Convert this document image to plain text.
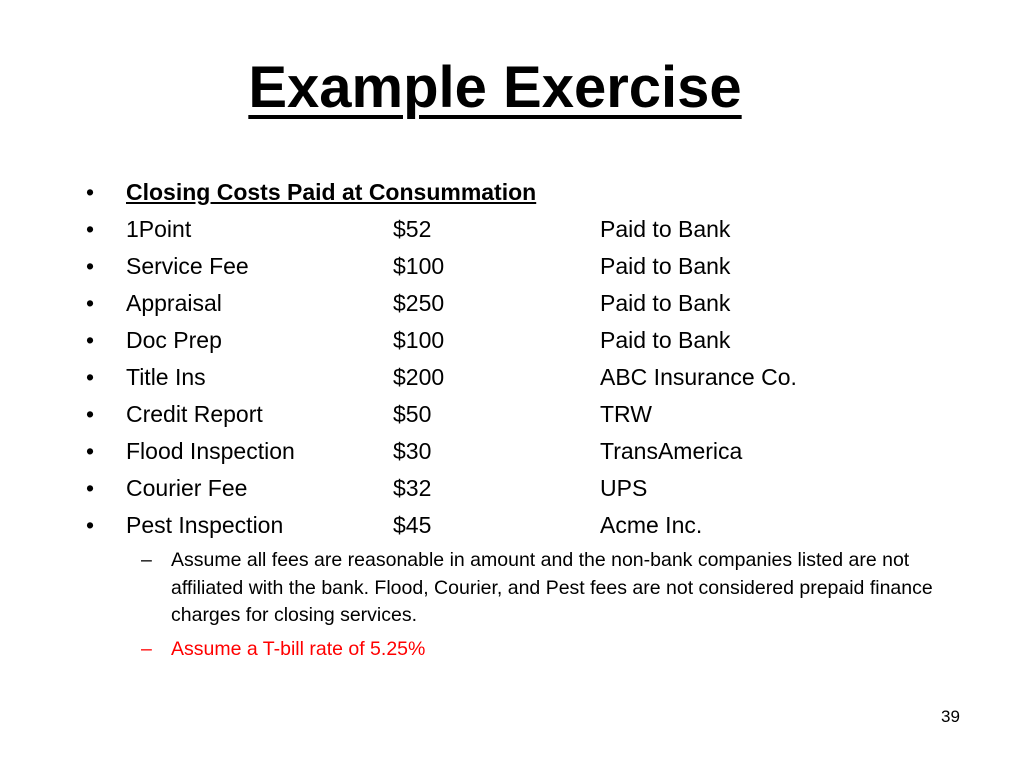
Example Exercise
• Closing Costs Paid at Consummation
• 1Point	$52	Paid to Bank
• Service Fee	$100	Paid to Bank
• Appraisal	$250	Paid to Bank
• Doc Prep	$100	Paid to Bank
• Title Ins	$200	ABC Insurance Co.
• Credit Report	$50	TRW
• Flood Inspection	$30	TransAmerica
• Courier Fee	$32	UPS
• Pest Inspection	$45	Acme Inc.
– Assume all fees are reasonable in amount and the non-bank companies listed are not affiliated with the bank. Flood, Courier, and Pest fees are not considered prepaid finance charges for closing services.
– Assume a T-bill rate of 5.25%
39
